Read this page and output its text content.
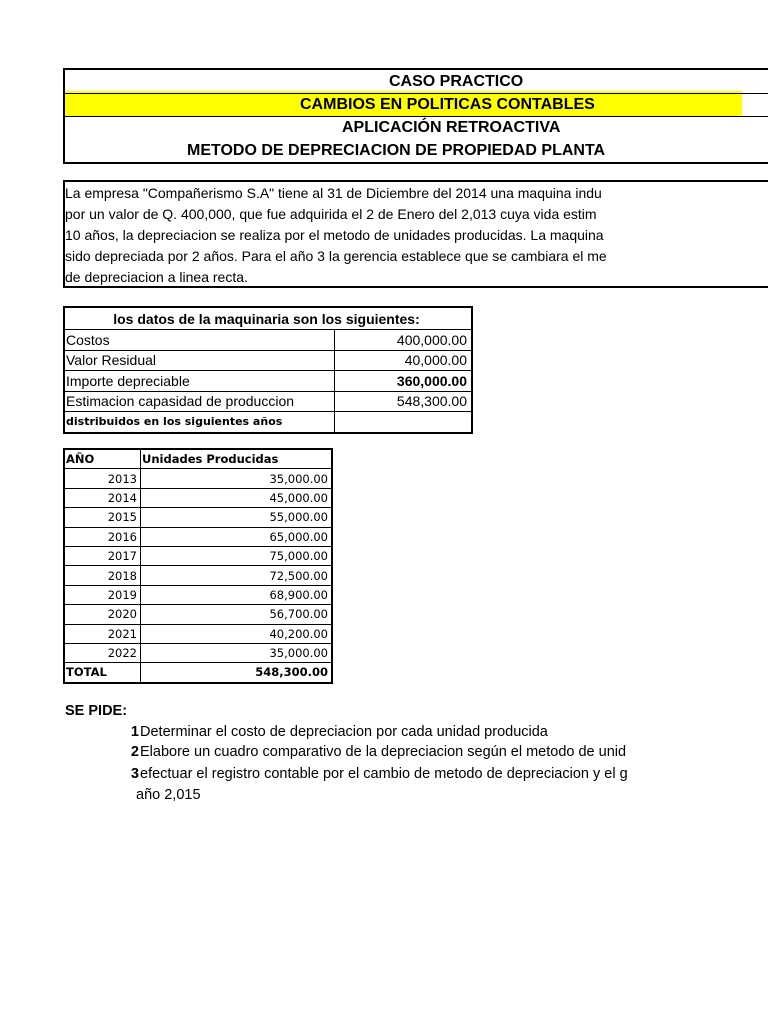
CASO PRACTICO
CAMBIOS EN POLITICAS CONTABLES
APLICACIÓN RETROACTIVA
METODO DE DEPRECIACION DE PROPIEDAD PLANTA
La empresa "Compañerismo S.A" tiene al 31 de Diciembre del 2014 una maquina indu
por un valor de Q. 400,000, que fue adquirida el 2 de Enero del 2,013 cuya vida estim
10 años, la depreciacion se realiza por el metodo de unidades producidas. La maquina
sido depreciada por 2 años. Para el año 3 la gerencia establece que se cambiara el me
de depreciacion a linea recta.
los datos de la maquinaria son los siguientes:	
Costos	400,000.00
Valor Residual	40,000.00
Importe depreciable	360,000.00
Estimacion capasidad de produccion	548,300.00
distribuidos en los siguientes años	
AÑO	Unidades Producidas
2013	35,000.00
2014	45,000.00
2015	55,000.00
2016	65,000.00
2017	75,000.00
2018	72,500.00
2019	68,900.00
2020	56,700.00
2021	40,200.00
2022	35,000.00
TOTAL	548,300.00
SE PIDE:
1 Determinar el costo de depreciacion por cada unidad producida
2 Elabore un cuadro comparativo de la depreciacion según el metodo de unid
3 efectuar el registro contable por el cambio de metodo de depreciacion y el g
año 2,015
